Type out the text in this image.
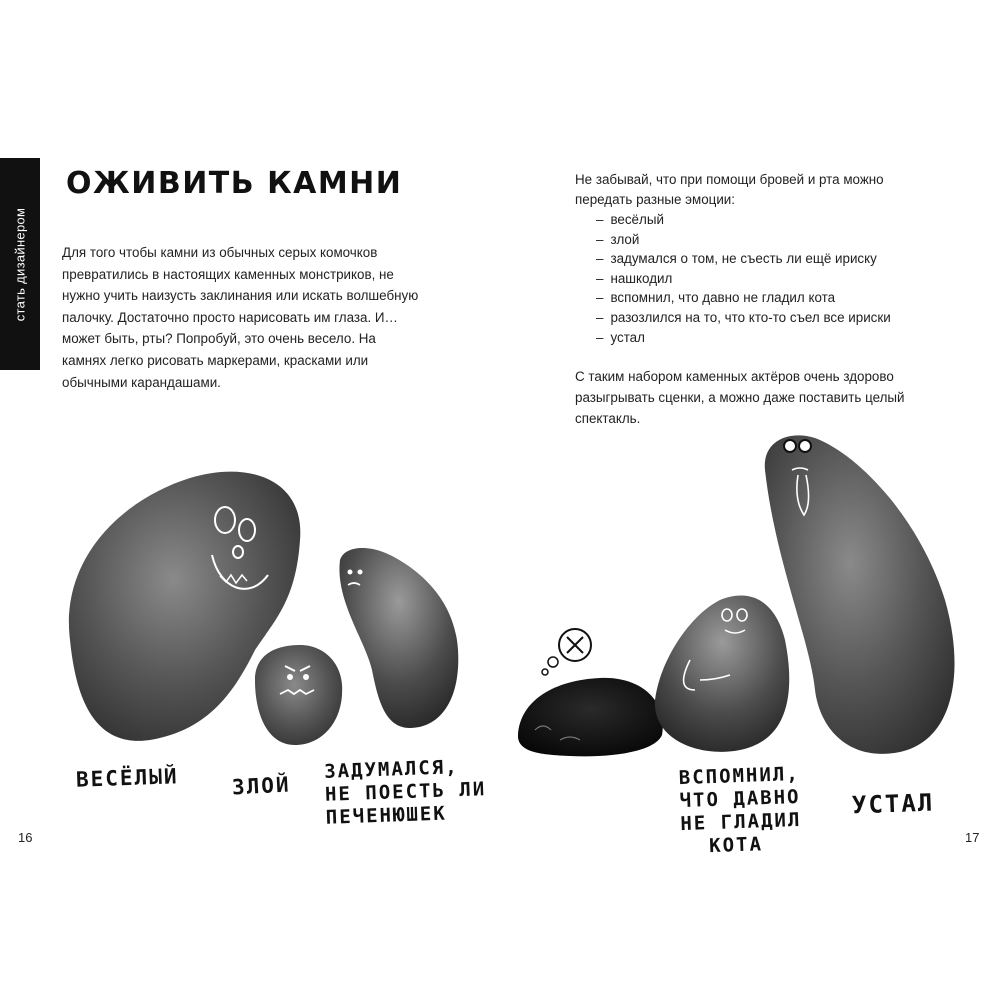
стать дизайнером
ОЖИВИТЬ КАМНИ

Для того чтобы камни из обычных серых комочков превратились в настоящих каменных монстриков, не нужно учить наизусть заклинания или искать волшебную палочку. Достаточно просто нарисовать им глаза. И… может быть, рты? Попробуй, это очень весело. На камнях легко рисовать маркерами, красками или обычными карандашами.

Не забывай, что при помощи бровей и рта можно передать разные эмоции:

– весёлый
– злой
– задумался о том, не съесть ли ещё ириску
– нашкодил
– вспомнил, что давно не гладил кота
– разозлился на то, что кто-то съел все ириски
– устал

С таким набором каменных актёров очень здорово разыгрывать сценки, а можно даже поставить целый спектакль.

ВЕСЁЛЫЙ	ЗЛОЙ

ЗАДУМАЛСЯ,
НЕ ПОЕСТЬ ЛИ
ПЕЧЕНЮШЕК
ВСПОМНИЛ,
ЧТО ДАВНО
НЕ ГЛАДИЛ
КОТА

УСТАЛ

16	17
